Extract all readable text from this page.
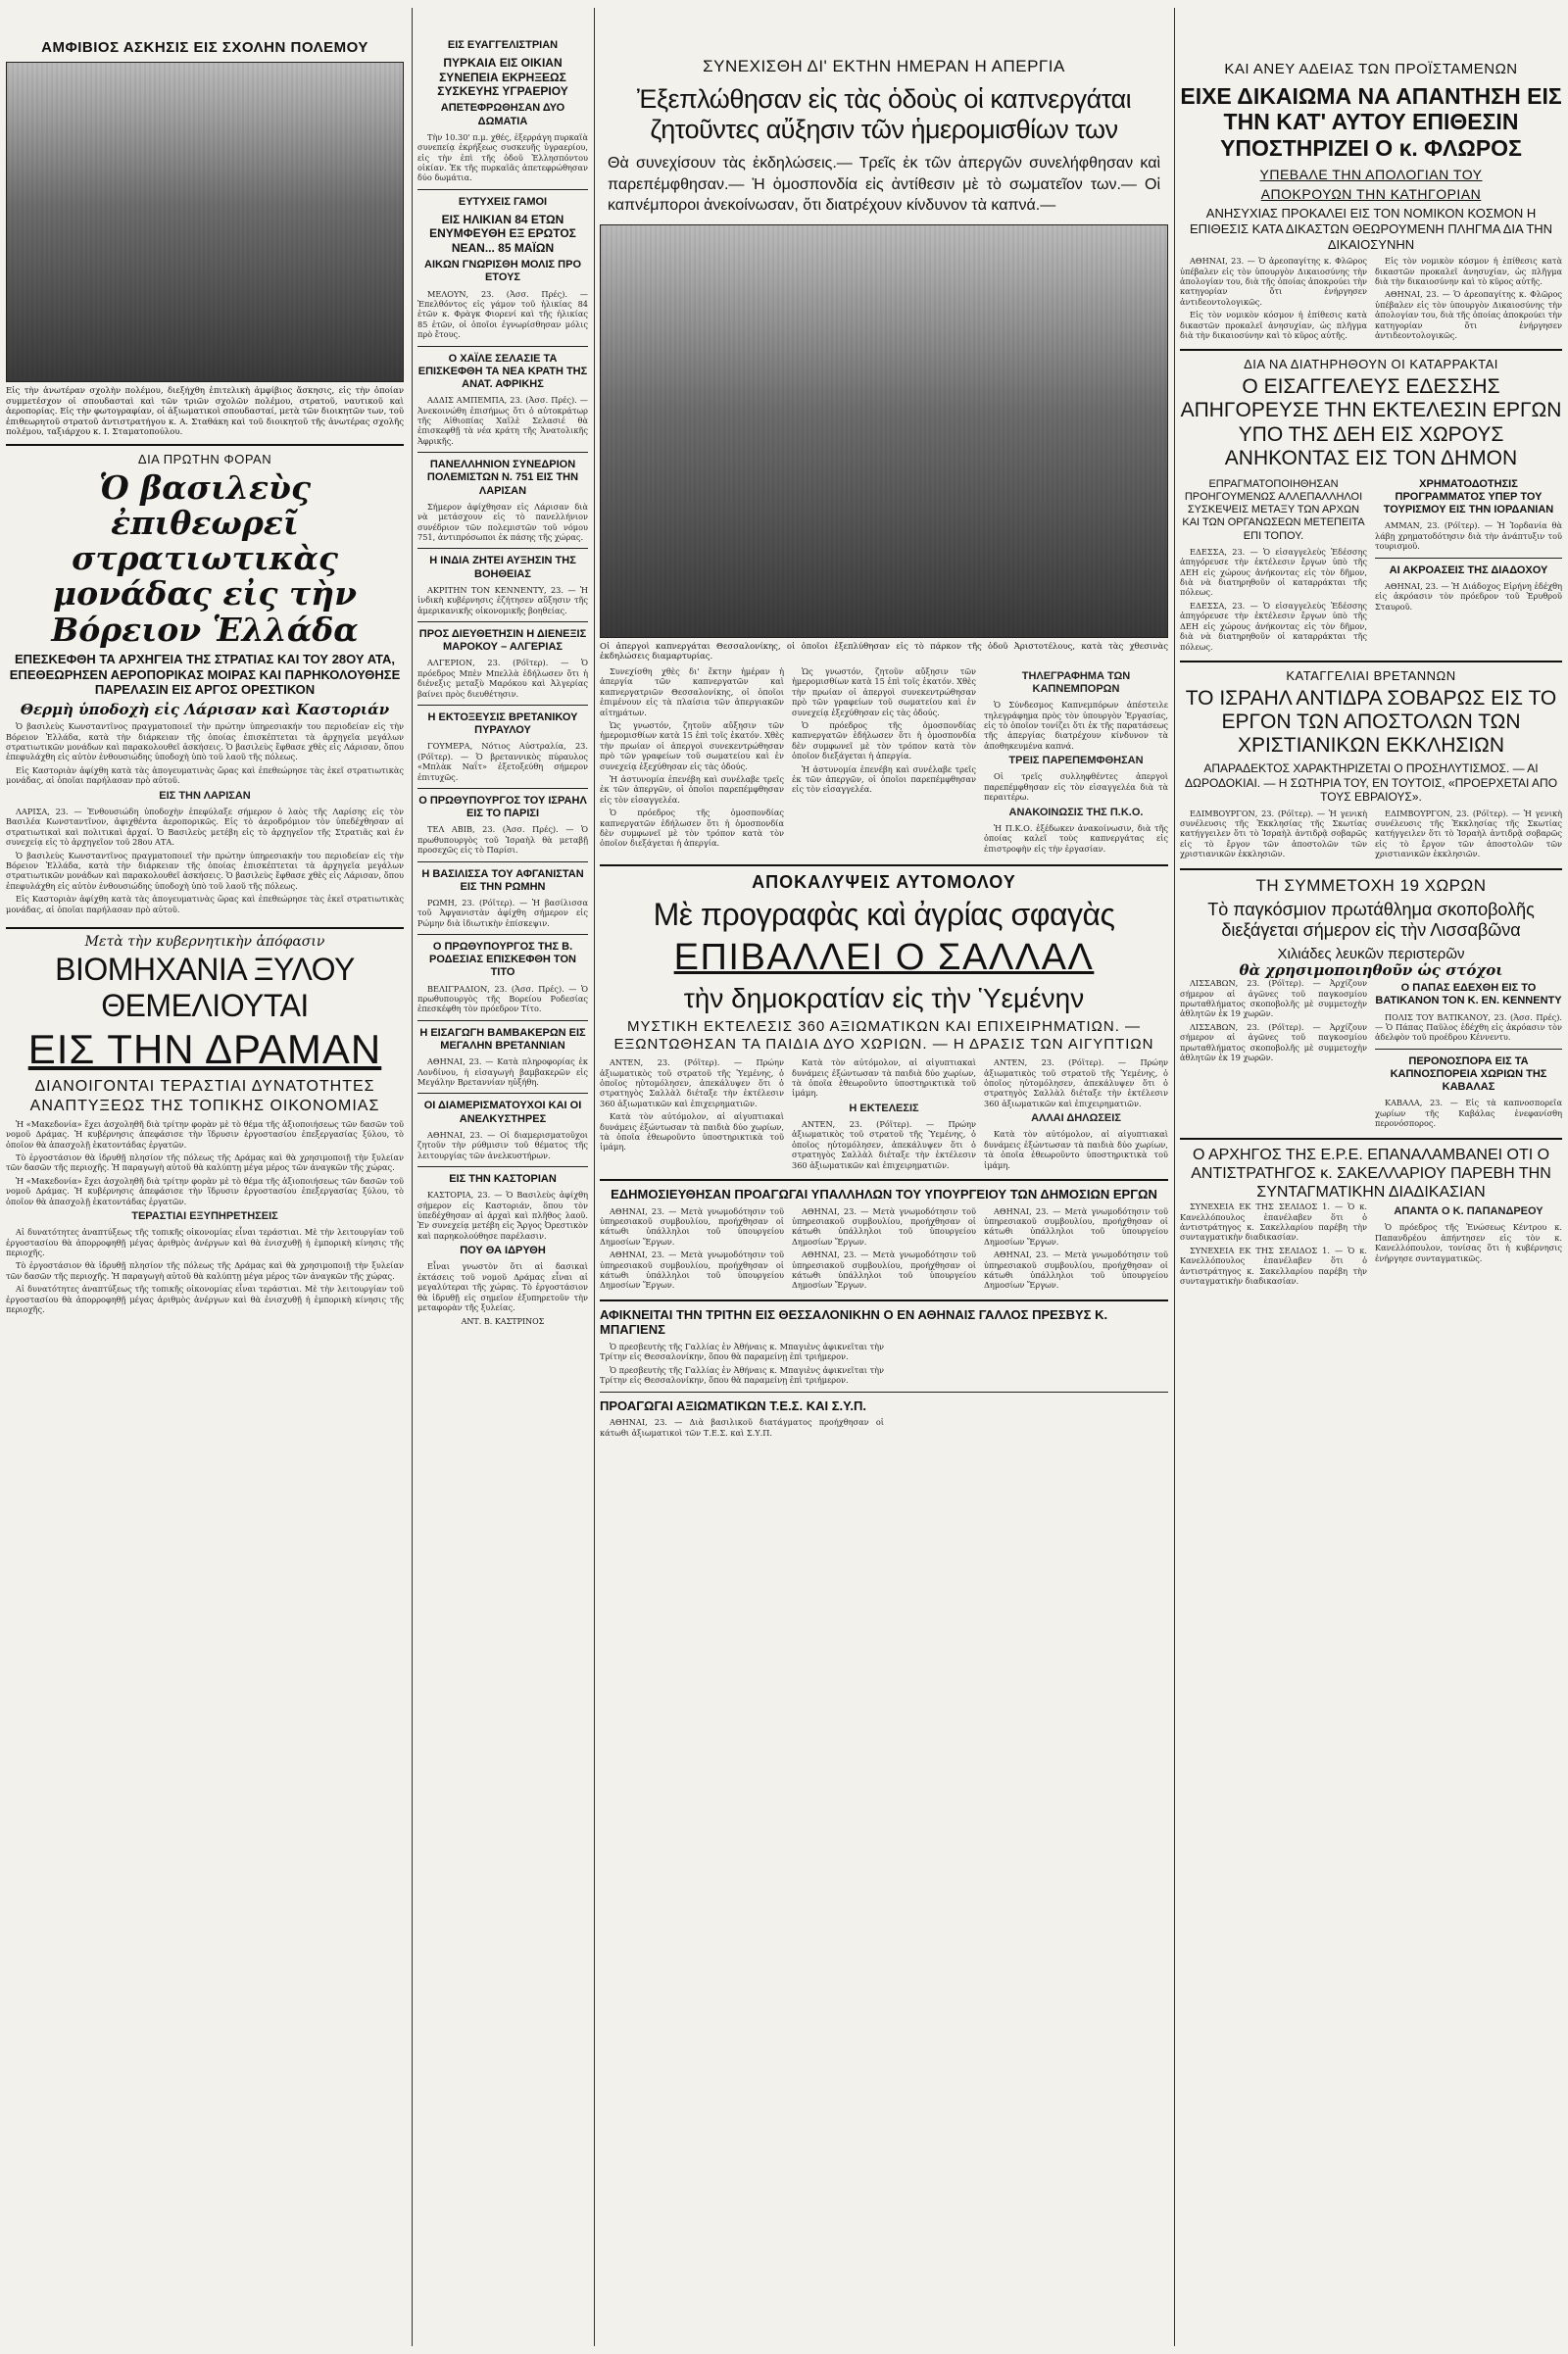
ΑΜΦΙΒΙΟΣ ΑΣΚΗΣΙΣ ΕΙΣ ΣΧΟΛΗΝ ΠΟΛΕΜΟΥ
Εἰς τὴν ἀνωτέραν σχολὴν πολέμου, διεξήχθη ἐπιτελικὴ ἀμφίβιος ἄσκησις, εἰς τὴν ὁποίαν συμμετέσχον οἱ σπουδασταὶ καὶ τῶν τριῶν σχολῶν πολέμου, στρατοῦ, ναυτικοῦ καὶ ἀεροπορίας. Εἰς τὴν φωτογραφίαν, οἱ ἀξιωματικοὶ σπουδασταί, μετὰ τῶν διοικητῶν των, τοῦ ἐπιθεωρητοῦ στρατοῦ ἀντιστρατήγου κ. Α. Σταθάκη καὶ τοῦ διοικητοῦ τῆς ἀνωτέρας σχολῆς πολέμου, ταξιάρχου κ. Ι. Σταματοπούλου.
ΔΙΑ ΠΡΩΤΗΝ ΦΟΡΑΝ
Ὁ βασιλεὺς ἐπιθεωρεῖ στρατιωτικὰς μονάδας εἰς τὴν Βόρειον Ἑλλάδα
ΕΠΕΣΚΕΦΘΗ ΤΑ ΑΡΧΗΓΕΙΑ ΤΗΣ ΣΤΡΑΤΙΑΣ ΚΑΙ ΤΟΥ 28ΟΥ ΑΤΑ, ΕΠΕΘΕΩΡΗΣΕΝ ΑΕΡΟΠΟΡΙΚΑΣ ΜΟΙΡΑΣ ΚΑΙ ΠΑΡΗΚΟΛΟΥΘΗΣΕ ΠΑΡΕΛΑΣΙΝ ΕΙΣ ΑΡΓΟΣ ΟΡΕΣΤΙΚΟΝ
Θερμὴ ὑποδοχὴ εἰς Λάρισαν καὶ Καστοριάν

Ὁ βασιλεὺς Κωνσταντῖνος πραγματοποιεῖ τὴν πρώτην ὑπηρεσιακήν του περιοδείαν εἰς τὴν Βόρειον Ἑλλάδα, κατὰ τὴν διάρκειαν τῆς ὁποίας ἐπισκέπτεται τὰ ἀρχηγεῖα μεγάλων στρατιωτικῶν μονάδων καὶ παρακολουθεῖ ἀσκήσεις. Ὁ βασιλεὺς ἔφθασε χθὲς εἰς Λάρισαν, ὅπου ἐπεφυλάχθη εἰς αὐτὸν ἐνθουσιώδης ὑποδοχὴ ὑπὸ τοῦ λαοῦ τῆς πόλεως.

Εἰς Καστοριὰν ἀφίχθη κατὰ τὰς ἀπογευματινὰς ὥρας καὶ ἐπεθεώρησε τὰς ἐκεῖ στρατιωτικὰς μονάδας, αἱ ὁποῖαι παρήλασαν πρὸ αὐτοῦ.

ΕΙΣ ΤΗΝ ΛΑΡΙΣΑΝ

ΛΑΡΙΣΑ, 23. — Ἐνθουσιώδη ὑποδοχὴν ἐπεφύλαξε σήμερον ὁ λαὸς τῆς Λαρίσης εἰς τὸν Βασιλέα Κωνσταντῖνον, ἀφιχθέντα ἀεροπορικῶς. Εἰς τὸ ἀεροδρόμιον τὸν ὑπεδέχθησαν αἱ στρατιωτικαὶ καὶ πολιτικαὶ ἀρχαί. Ὁ Βασιλεὺς μετέβη εἰς τὸ ἀρχηγεῖον τῆς Στρατιᾶς καὶ ἐν συνεχείᾳ εἰς τὸ ἀρχηγεῖον τοῦ 28ου ΑΤΑ.

Ὁ βασιλεὺς Κωνσταντῖνος πραγματοποιεῖ τὴν πρώτην ὑπηρεσιακήν του περιοδείαν εἰς τὴν Βόρειον Ἑλλάδα, κατὰ τὴν διάρκειαν τῆς ὁποίας ἐπισκέπτεται τὰ ἀρχηγεῖα μεγάλων στρατιωτικῶν μονάδων καὶ παρακολουθεῖ ἀσκήσεις. Ὁ βασιλεὺς ἔφθασε χθὲς εἰς Λάρισαν, ὅπου ἐπεφυλάχθη εἰς αὐτὸν ἐνθουσιώδης ὑποδοχὴ ὑπὸ τοῦ λαοῦ τῆς πόλεως.

Εἰς Καστοριὰν ἀφίχθη κατὰ τὰς ἀπογευματινὰς ὥρας καὶ ἐπεθεώρησε τὰς ἐκεῖ στρατιωτικὰς μονάδας, αἱ ὁποῖαι παρήλασαν πρὸ αὐτοῦ.

Μετὰ τὴν κυβερνητικὴν ἀπόφασιν
ΒΙΟΜΗΧΑΝΙΑ ΞΥΛΟΥ ΘΕΜΕΛΙΟΥΤΑΙ
ΕΙΣ ΤΗΝ ΔΡΑΜΑΝ
ΔΙΑΝΟΙΓΟΝΤΑΙ ΤΕΡΑΣΤΙΑΙ ΔΥΝΑΤΟΤΗΤΕΣ ΑΝΑΠΤΥΞΕΩΣ ΤΗΣ ΤΟΠΙΚΗΣ ΟΙΚΟΝΟΜΙΑΣ

Ἡ «Μακεδονία» ἔχει ἀσχοληθῆ διὰ τρίτην φορὰν μὲ τὸ θέμα τῆς ἀξιοποιήσεως τῶν δασῶν τοῦ νομοῦ Δράμας. Ἡ κυβέρνησις ἀπεφάσισε τὴν ἵδρυσιν ἐργοστασίου ἐπεξεργασίας ξύλου, τὸ ὁποῖον θὰ ἀπασχολῇ ἑκατοντάδας ἐργατῶν.

Τὸ ἐργοστάσιον θὰ ἱδρυθῇ πλησίον τῆς πόλεως τῆς Δράμας καὶ θὰ χρησιμοποιῇ τὴν ξυλείαν τῶν δασῶν τῆς περιοχῆς. Ἡ παραγωγὴ αὐτοῦ θὰ καλύπτῃ μέγα μέρος τῶν ἀναγκῶν τῆς χώρας.

Ἡ «Μακεδονία» ἔχει ἀσχοληθῆ διὰ τρίτην φορὰν μὲ τὸ θέμα τῆς ἀξιοποιήσεως τῶν δασῶν τοῦ νομοῦ Δράμας. Ἡ κυβέρνησις ἀπεφάσισε τὴν ἵδρυσιν ἐργοστασίου ἐπεξεργασίας ξύλου, τὸ ὁποῖον θὰ ἀπασχολῇ ἑκατοντάδας ἐργατῶν.

ΤΕΡΑΣΤΙΑΙ ΕΞΥΠΗΡΕΤΗΣΕΙΣ

Αἱ δυνατότητες ἀναπτύξεως τῆς τοπικῆς οἰκονομίας εἶναι τεράστιαι. Μὲ τὴν λειτουργίαν τοῦ ἐργοστασίου θὰ ἀπορροφηθῇ μέγας ἀριθμὸς ἀνέργων καὶ θὰ ἐνισχυθῇ ἡ ἐμπορικὴ κίνησις τῆς περιοχῆς.

Τὸ ἐργοστάσιον θὰ ἱδρυθῇ πλησίον τῆς πόλεως τῆς Δράμας καὶ θὰ χρησιμοποιῇ τὴν ξυλείαν τῶν δασῶν τῆς περιοχῆς. Ἡ παραγωγὴ αὐτοῦ θὰ καλύπτῃ μέγα μέρος τῶν ἀναγκῶν τῆς χώρας.

Αἱ δυνατότητες ἀναπτύξεως τῆς τοπικῆς οἰκονομίας εἶναι τεράστιαι. Μὲ τὴν λειτουργίαν τοῦ ἐργοστασίου θὰ ἀπορροφηθῇ μέγας ἀριθμὸς ἀνέργων καὶ θὰ ἐνισχυθῇ ἡ ἐμπορικὴ κίνησις τῆς περιοχῆς.

ΕΙΣ ΕΥΑΓΓΕΛΙΣΤΡΙΑΝ
ΠΥΡΚΑΙΑ ΕΙΣ ΟΙΚΙΑΝ ΣΥΝΕΠΕΙΑ ΕΚΡΗΞΕΩΣ ΣΥΣΚΕΥΗΣ ΥΓΡΑΕΡΙΟΥ
ΑΠΕΤΕΦΡΩΘΗΣΑΝ ΔΥΟ ΔΩΜΑΤΙΑ

Τὴν 10.30' π.μ. χθές, ἐξερράγη πυρκαϊὰ συνεπείᾳ ἐκρήξεως συσκευῆς ὑγραερίου, εἰς τὴν ἐπὶ τῆς ὁδοῦ Ἑλλησπόντου οἰκίαν. Ἐκ τῆς πυρκαϊᾶς ἀπετεφρώθησαν δύο δωμάτια.

ΕΥΤΥΧΕΙΣ ΓΑΜΟΙ
ΕΙΣ ΗΛΙΚΙΑΝ 84 ΕΤΩΝ ΕΝΥΜΦΕΥΘΗ ΕΞ ΕΡΩΤΟΣ ΝΕΑΝ... 85 ΜΑΪΩΝ
ΑΙΚΩΝ ΓΝΩΡΙΣΘΗ ΜΟΛΙΣ ΠΡΟ ΕΤΟΥΣ

ΜΕΛΟΥΝ, 23. (Ἀσσ. Πρές). — Ἐπελθόντος εἰς γάμον τοῦ ἠλικίας 84 ἐτῶν κ. Φρὰγκ Φιορενί καὶ τῆς ἡλικίας 85 ἐτῶν, οἱ ὁποῖοι ἐγνωρίσθησαν μόλις πρὸ ἔτους.

Ο ΧΑΪΛΕ ΣΕΛΑΣΙΕ ΤΑ ΕΠΙΣΚΕΦΘΗ ΤΑ ΝΕΑ ΚΡΑΤΗ ΤΗΣ ΑΝΑΤ. ΑΦΡΙΚΗΣ

ΑΔΔΙΣ ΑΜΠΕΜΠΑ, 23. (Ἀσσ. Πρές). — Ἀνεκοινώθη ἐπισήμως ὅτι ὁ αὐτοκράτωρ τῆς Αἰθιοπίας Χαϊλὲ Σελασιέ θὰ ἐπισκεφθῇ τὰ νέα κράτη τῆς Ἀνατολικῆς Ἀφρικῆς.

ΠΑΝΕΛΛΗΝΙΟΝ ΣΥΝΕΔΡΙΟΝ ΠΟΛΕΜΙΣΤΩΝ Ν. 751 ΕΙΣ ΤΗΝ ΛΑΡΙΣΑΝ

Σήμερον ἀφίχθησαν εἰς Λάρισαν διὰ νὰ μετάσχουν εἰς τὸ πανελλήνιον συνέδριον τῶν πολεμιστῶν τοῦ νόμου 751, ἀντιπρόσωποι ἐκ πάσης τῆς χώρας.

Η ΙΝΔΙΑ ΖΗΤΕΙ ΑΥΞΗΣΙΝ ΤΗΣ ΒΟΗΘΕΙΑΣ

ΑΚΡΙΤΗΝ ΤΟΝ ΚΕΝΝΕΝΤΥ, 23. — Ἡ ἰνδικὴ κυβέρνησις ἐζήτησεν αὔξησιν τῆς ἀμερικανικῆς οἰκονομικῆς βοηθείας.

ΠΡΟΣ ΔΙΕΥΘΕΤΗΣΙΝ Η ΔΙΕΝΕΞΙΣ ΜΑΡΟΚΟΥ – ΑΛΓΕΡΙΑΣ

ΑΛΓΕΡΙΟΝ, 23. (Ρόϊτερ). — Ὁ πρόεδρος Μπὲν Μπελλὰ ἐδήλωσεν ὅτι ἡ διένεξις μεταξὺ Μαρόκου καὶ Ἀλγερίας βαίνει πρὸς διευθέτησιν.

Η ΕΚΤΟΞΕΥΣΙΣ ΒΡΕΤΑΝΙΚΟΥ ΠΥΡΑΥΛΟΥ

ΓΟΥΜΕΡΑ, Νότιος Αὐστραλία, 23. (Ρόϊτερ). — Ὁ βρεταννικὸς πύραυλος «Μπλὰκ Ναΐτ» ἐξετοξεύθη σήμερον ἐπιτυχῶς.

Ο ΠΡΩΘΥΠΟΥΡΓΟΣ ΤΟΥ ΙΣΡΑΗΛ ΕΙΣ ΤΟ ΠΑΡΙΣΙ

ΤΕΛ ΑΒΙΒ, 23. (Ἀσσ. Πρές). — Ὁ πρωθυπουργὸς τοῦ Ἰσραὴλ θὰ μεταβῇ προσεχῶς εἰς τὸ Παρίσι.

Η ΒΑΣΙΛΙΣΣΑ ΤΟΥ ΑΦΓΑΝΙΣΤΑΝ ΕΙΣ ΤΗΝ ΡΩΜΗΝ

ΡΩΜΗ, 23. (Ρόϊτερ). — Ἡ βασίλισσα τοῦ Ἀφγανιστὰν ἀφίχθη σήμερον εἰς Ρώμην διὰ ἰδιωτικὴν ἐπίσκεψιν.

Ο ΠΡΩΘΥΠΟΥΡΓΟΣ ΤΗΣ Β. ΡΟΔΕΣΙΑΣ ΕΠΙΣΚΕΦΘΗ ΤΟΝ ΤΙΤΟ

ΒΕΛΙΓΡΑΔΙΟΝ, 23. (Ἀσσ. Πρές). — Ὁ πρωθυπουργὸς τῆς Βορείου Ροδεσίας ἐπεσκέφθη τὸν πρόεδρον Τίτο.

Η ΕΙΣΑΓΩΓΗ ΒΑΜΒΑΚΕΡΩΝ ΕΙΣ ΜΕΓΑΛΗΝ ΒΡΕΤΑΝΝΙΑΝ

ΑΘΗΝΑΙ, 23. — Κατὰ πληροφορίας ἐκ Λονδίνου, ἡ εἰσαγωγὴ βαμβακερῶν εἰς Μεγάλην Βρεταννίαν ηὐξήθη.

ΟΙ ΔΙΑΜΕΡΙΣΜΑΤΟΥΧΟΙ ΚΑΙ ΟΙ ΑΝΕΛΚΥΣΤΗΡΕΣ

ΑΘΗΝΑΙ, 23. — Οἱ διαμερισματοῦχοι ζητοῦν τὴν ρύθμισιν τοῦ θέματος τῆς λειτουργίας τῶν ἀνελκυστήρων.

ΕΙΣ ΤΗΝ ΚΑΣΤΟΡΙΑΝ

ΚΑΣΤΟΡΙΑ, 23. — Ὁ Βασιλεὺς ἀφίχθη σήμερον εἰς Καστοριάν, ὅπου τὸν ὑπεδέχθησαν αἱ ἀρχαὶ καὶ πλῆθος λαοῦ. Ἐν συνεχείᾳ μετέβη εἰς Ἄργος Ὀρεστικὸν καὶ παρηκολούθησε παρέλασιν.

ΠΟΥ ΘΑ ΙΔΡΥΘΗ

Εἶναι γνωστὸν ὅτι αἱ δασικαὶ ἐκτάσεις τοῦ νομοῦ Δράμας εἶναι αἱ μεγαλύτεραι τῆς χώρας. Τὸ ἐργοστάσιον θὰ ἱδρυθῇ εἰς σημεῖον ἐξυπηρετοῦν τὴν μεταφορὰν τῆς ξυλείας.

ΑΝΤ. Β. ΚΑΣΤΡΙΝΟΣ
ΣΥΝΕΧΙΣΘΗ ΔΙ' ΕΚΤΗΝ ΗΜΕΡΑΝ Η ΑΠΕΡΓΙΑ
Ἐξεπλώθησαν εἰς τὰς ὁδοὺς οἱ καπνεργάται ζητοῦντες αὔξησιν τῶν ἡμερομισθίων των
Θὰ συνεχίσουν τὰς ἐκδηλώσεις.— Τρεῖς ἐκ τῶν ἀπεργῶν συνελήφθησαν καὶ παρεπέμφθησαν.— Ἡ ὁμοσπονδία εἰς ἀντίθεσιν μὲ τὸ σωματεῖον των.— Οἱ καπνέμποροι ἀνεκοίνωσαν, ὅτι διατρέχουν κίνδυνον τὰ καπνά.—
Οἱ ἀπεργοὶ καπνεργάται Θεσσαλονίκης, οἱ ὁποῖοι ἐξεπλύθησαν εἰς τὸ πάρκον τῆς ὁδοῦ Ἀριστοτέλους, κατὰ τὰς χθεσινὰς ἐκδηλώσεις διαμαρτυρίας.

Συνεχίσθη χθὲς δι' ἕκτην ἡμέραν ἡ ἀπεργία τῶν καπνεργατῶν καὶ καπνεργατριῶν Θεσσαλονίκης, οἱ ὁποῖοι ἐπιμένουν εἰς τὰ πλαίσια τῶν ἀπεργιακῶν αἰτημάτων.

Ὡς γνωστόν, ζητοῦν αὔξησιν τῶν ἡμερομισθίων κατὰ 15 ἐπὶ τοῖς ἑκατόν. Χθὲς τὴν πρωίαν οἱ ἀπεργοὶ συνεκεντρώθησαν πρὸ τῶν γραφείων τοῦ σωματείου καὶ ἐν συνεχείᾳ ἐξεχύθησαν εἰς τὰς ὁδούς.

Ἡ ἀστυνομία ἐπενέβη καὶ συνέλαβε τρεῖς ἐκ τῶν ἀπεργῶν, οἱ ὁποῖοι παρεπέμφθησαν εἰς τὸν εἰσαγγελέα.

Ὁ πρόεδρος τῆς ὁμοσπονδίας καπνεργατῶν ἐδήλωσεν ὅτι ἡ ὁμοσπονδία δὲν συμφωνεῖ μὲ τὸν τρόπον κατὰ τὸν ὁποῖον διεξάγεται ἡ ἀπεργία.

Ὡς γνωστόν, ζητοῦν αὔξησιν τῶν ἡμερομισθίων κατὰ 15 ἐπὶ τοῖς ἑκατόν. Χθὲς τὴν πρωίαν οἱ ἀπεργοὶ συνεκεντρώθησαν πρὸ τῶν γραφείων τοῦ σωματείου καὶ ἐν συνεχείᾳ ἐξεχύθησαν εἰς τὰς ὁδούς.

Ὁ πρόεδρος τῆς ὁμοσπονδίας καπνεργατῶν ἐδήλωσεν ὅτι ἡ ὁμοσπονδία δὲν συμφωνεῖ μὲ τὸν τρόπον κατὰ τὸν ὁποῖον διεξάγεται ἡ ἀπεργία.

Ἡ ἀστυνομία ἐπενέβη καὶ συνέλαβε τρεῖς ἐκ τῶν ἀπεργῶν, οἱ ὁποῖοι παρεπέμφθησαν εἰς τὸν εἰσαγγελέα.

ΤΗΛΕΓΡΑΦΗΜΑ ΤΩΝ ΚΑΠΝΕΜΠΟΡΩΝ

Ὁ Σύνδεσμος Καπνεμπόρων ἀπέστειλε τηλεγράφημα πρὸς τὸν ὑπουργὸν Ἐργασίας, εἰς τὸ ὁποῖον τονίζει ὅτι ἐκ τῆς παρατάσεως τῆς ἀπεργίας διατρέχουν κίνδυνον τὰ ἀποθηκευμένα καπνά.

ΤΡΕΙΣ ΠΑΡΕΠΕΜΦΘΗΣΑΝ

Οἱ τρεῖς συλληφθέντες ἀπεργοὶ παρεπέμφθησαν εἰς τὸν εἰσαγγελέα διὰ τὰ περαιτέρω.

ΑΝΑΚΟΙΝΩΣΙΣ ΤΗΣ Π.Κ.Ο.

Ἡ Π.Κ.Ο. ἐξέδωκεν ἀνακοίνωσιν, διὰ τῆς ὁποίας καλεῖ τοὺς καπνεργάτας εἰς ἐπιστροφὴν εἰς τὴν ἐργασίαν.

ΑΠΟΚΑΛΥΨΕΙΣ ΑΥΤΟΜΟΛΟΥ
Μὲ προγραφὰς καὶ ἀγρίας σφαγὰς
ΕΠΙΒΑΛΛΕΙ Ο ΣΑΛΛΑΛ
τὴν δημοκρατίαν εἰς τὴν Ὑεμένην
ΜΥΣΤΙΚΗ ΕΚΤΕΛΕΣΙΣ 360 ΑΞΙΩΜΑΤΙΚΩΝ ΚΑΙ ΕΠΙΧΕΙΡΗΜΑΤΙΩΝ. — ΕΞΩΝΤΩΘΗΣΑΝ ΤΑ ΠΑΙΔΙΑ ΔΥΟ ΧΩΡΙΩΝ. — Η ΔΡΑΣΙΣ ΤΩΝ ΑΙΓΥΠΤΙΩΝ

ΑΝΤΕΝ, 23. (Ρόϊτερ). — Πρώην ἀξιωματικὸς τοῦ στρατοῦ τῆς Ὑεμένης, ὁ ὁποῖος ηὐτομόλησεν, ἀπεκάλυψεν ὅτι ὁ στρατηγὸς Σαλλὰλ διέταξε τὴν ἐκτέλεσιν 360 ἀξιωματικῶν καὶ ἐπιχειρηματιῶν.

Κατὰ τὸν αὐτόμολον, αἱ αἰγυπτιακαὶ δυνάμεις ἐξώντωσαν τὰ παιδιὰ δύο χωρίων, τὰ ὁποῖα ἐθεωροῦντο ὑποστηρικτικὰ τοῦ ἰμάμη.

Κατὰ τὸν αὐτόμολον, αἱ αἰγυπτιακαὶ δυνάμεις ἐξώντωσαν τὰ παιδιὰ δύο χωρίων, τὰ ὁποῖα ἐθεωροῦντο ὑποστηρικτικὰ τοῦ ἰμάμη.

Η ΕΚΤΕΛΕΣΙΣ

ΑΝΤΕΝ, 23. (Ρόϊτερ). — Πρώην ἀξιωματικὸς τοῦ στρατοῦ τῆς Ὑεμένης, ὁ ὁποῖος ηὐτομόλησεν, ἀπεκάλυψεν ὅτι ὁ στρατηγὸς Σαλλὰλ διέταξε τὴν ἐκτέλεσιν 360 ἀξιωματικῶν καὶ ἐπιχειρηματιῶν.

ΑΝΤΕΝ, 23. (Ρόϊτερ). — Πρώην ἀξιωματικὸς τοῦ στρατοῦ τῆς Ὑεμένης, ὁ ὁποῖος ηὐτομόλησεν, ἀπεκάλυψεν ὅτι ὁ στρατηγὸς Σαλλὰλ διέταξε τὴν ἐκτέλεσιν 360 ἀξιωματικῶν καὶ ἐπιχειρηματιῶν.

ΑΛΛΑΙ ΔΗΛΩΣΕΙΣ

Κατὰ τὸν αὐτόμολον, αἱ αἰγυπτιακαὶ δυνάμεις ἐξώντωσαν τὰ παιδιὰ δύο χωρίων, τὰ ὁποῖα ἐθεωροῦντο ὑποστηρικτικὰ τοῦ ἰμάμη.

ΕΔΗΜΟΣΙΕΥΘΗΣΑΝ ΠΡΟΑΓΩΓΑΙ ΥΠΑΛΛΗΛΩΝ ΤΟΥ ΥΠΟΥΡΓΕΙΟΥ ΤΩΝ ΔΗΜΟΣΙΩΝ ΕΡΓΩΝ

ΑΘΗΝΑΙ, 23. — Μετὰ γνωμοδότησιν τοῦ ὑπηρεσιακοῦ συμβουλίου, προήχθησαν οἱ κάτωθι ὑπάλληλοι τοῦ ὑπουργείου Δημοσίων Ἔργων.

ΑΘΗΝΑΙ, 23. — Μετὰ γνωμοδότησιν τοῦ ὑπηρεσιακοῦ συμβουλίου, προήχθησαν οἱ κάτωθι ὑπάλληλοι τοῦ ὑπουργείου Δημοσίων Ἔργων.

ΑΘΗΝΑΙ, 23. — Μετὰ γνωμοδότησιν τοῦ ὑπηρεσιακοῦ συμβουλίου, προήχθησαν οἱ κάτωθι ὑπάλληλοι τοῦ ὑπουργείου Δημοσίων Ἔργων.

ΑΘΗΝΑΙ, 23. — Μετὰ γνωμοδότησιν τοῦ ὑπηρεσιακοῦ συμβουλίου, προήχθησαν οἱ κάτωθι ὑπάλληλοι τοῦ ὑπουργείου Δημοσίων Ἔργων.

ΑΘΗΝΑΙ, 23. — Μετὰ γνωμοδότησιν τοῦ ὑπηρεσιακοῦ συμβουλίου, προήχθησαν οἱ κάτωθι ὑπάλληλοι τοῦ ὑπουργείου Δημοσίων Ἔργων.

ΑΘΗΝΑΙ, 23. — Μετὰ γνωμοδότησιν τοῦ ὑπηρεσιακοῦ συμβουλίου, προήχθησαν οἱ κάτωθι ὑπάλληλοι τοῦ ὑπουργείου Δημοσίων Ἔργων.

ΑΦΙΚΝΕΙΤΑΙ ΤΗΝ ΤΡΙΤΗΝ ΕΙΣ ΘΕΣΣΑΛΟΝΙΚΗΝ Ο ΕΝ ΑΘΗΝΑΙΣ ΓΑΛΛΟΣ ΠΡΕΣΒΥΣ Κ. ΜΠΑΓΙΕΝΣ

Ὁ πρεσβευτὴς τῆς Γαλλίας ἐν Ἀθήναις κ. Μπαγιὲνς ἀφικνεῖται τὴν Τρίτην εἰς Θεσσαλονίκην, ὅπου θὰ παραμείνῃ ἐπὶ τριήμερον.

Ὁ πρεσβευτὴς τῆς Γαλλίας ἐν Ἀθήναις κ. Μπαγιὲνς ἀφικνεῖται τὴν Τρίτην εἰς Θεσσαλονίκην, ὅπου θὰ παραμείνῃ ἐπὶ τριήμερον.

ΠΡΟΑΓΩΓΑΙ ΑΞΙΩΜΑΤΙΚΩΝ Τ.Ε.Σ. ΚΑΙ Σ.Υ.Π.

ΑΘΗΝΑΙ, 23. — Διὰ βασιλικοῦ διατάγματος προήχθησαν οἱ κάτωθι ἀξιωματικοὶ τῶν Τ.Ε.Σ. καὶ Σ.Υ.Π.

ΚΑΙ ΑΝΕΥ ΑΔΕΙΑΣ ΤΩΝ ΠΡΟΪΣΤΑΜΕΝΩΝ
ΕΙΧΕ ΔΙΚΑΙΩΜΑ ΝΑ ΑΠΑΝΤΗΣΗ ΕΙΣ ΤΗΝ ΚΑΤ' ΑΥΤΟΥ ΕΠΙΘΕΣΙΝ ΥΠΟΣΤΗΡΙΖΕΙ Ο κ. ΦΛΩΡΟΣ
ΥΠΕΒΑΛΕ ΤΗΝ ΑΠΟΛΟΓΙΑΝ ΤΟΥ
ΑΠΟΚΡΟΥΩΝ ΤΗΝ ΚΑΤΗΓΟΡΙΑΝ
ΑΝΗΣΥΧΙΑΣ ΠΡΟΚΑΛΕΙ ΕΙΣ ΤΟΝ ΝΟΜΙΚΟΝ ΚΟΣΜΟΝ Η ΕΠΙΘΕΣΙΣ ΚΑΤΑ ΔΙΚΑΣΤΩΝ ΘΕΩΡΟΥΜΕΝΗ ΠΛΗΓΜΑ ΔΙΑ ΤΗΝ ΔΙΚΑΙΟΣΥΝΗΝ

ΑΘΗΝΑΙ, 23. — Ὁ ἀρεοπαγίτης κ. Φλῶρος ὑπέβαλεν εἰς τὸν ὑπουργὸν Δικαιοσύνης τὴν ἀπολογίαν του, διὰ τῆς ὁποίας ἀποκρούει τὴν κατηγορίαν ὅτι ἐνήργησεν ἀντιδεοντολογικῶς.

Εἰς τὸν νομικὸν κόσμον ἡ ἐπίθεσις κατὰ δικαστῶν προκαλεῖ ἀνησυχίαν, ὡς πλῆγμα διὰ τὴν δικαιοσύνην καὶ τὸ κῦρος αὐτῆς.

Εἰς τὸν νομικὸν κόσμον ἡ ἐπίθεσις κατὰ δικαστῶν προκαλεῖ ἀνησυχίαν, ὡς πλῆγμα διὰ τὴν δικαιοσύνην καὶ τὸ κῦρος αὐτῆς.

ΑΘΗΝΑΙ, 23. — Ὁ ἀρεοπαγίτης κ. Φλῶρος ὑπέβαλεν εἰς τὸν ὑπουργὸν Δικαιοσύνης τὴν ἀπολογίαν του, διὰ τῆς ὁποίας ἀποκρούει τὴν κατηγορίαν ὅτι ἐνήργησεν ἀντιδεοντολογικῶς.

ΔΙΑ ΝΑ ΔΙΑΤΗΡΗΘΟΥΝ ΟΙ ΚΑΤΑΡΡΑΚΤΑΙ
Ο ΕΙΣΑΓΓΕΛΕΥΣ ΕΔΕΣΣΗΣ ΑΠΗΓΟΡΕΥΣΕ ΤΗΝ ΕΚΤΕΛΕΣΙΝ ΕΡΓΩΝ ΥΠΟ ΤΗΣ ΔΕΗ ΕΙΣ ΧΩΡΟΥΣ ΑΝΗΚΟΝΤΑΣ ΕΙΣ ΤΟΝ ΔΗΜΟΝ
ΕΠΡΑΓΜΑΤΟΠΟΙΗΘΗΣΑΝ ΠΡΟΗΓΟΥΜΕΝΩΣ ΑΛΛΕΠΑΛΛΗΛΟΙ ΣΥΣΚΕΨΕΙΣ ΜΕΤΑΞΥ ΤΩΝ ΑΡΧΩΝ ΚΑΙ ΤΩΝ ΟΡΓΑΝΩΣΕΩΝ ΜΕΤΕΠΕΙΤΑ ΕΠΙ ΤΟΠΟΥ.

ΕΔΕΣΣΑ, 23. — Ὁ εἰσαγγελεὺς Ἐδέσσης ἀπηγόρευσε τὴν ἐκτέλεσιν ἔργων ὑπὸ τῆς ΔΕΗ εἰς χώρους ἀνήκοντας εἰς τὸν δῆμον, διὰ νὰ διατηρηθοῦν οἱ καταρράκται τῆς πόλεως.

ΕΔΕΣΣΑ, 23. — Ὁ εἰσαγγελεὺς Ἐδέσσης ἀπηγόρευσε τὴν ἐκτέλεσιν ἔργων ὑπὸ τῆς ΔΕΗ εἰς χώρους ἀνήκοντας εἰς τὸν δῆμον, διὰ νὰ διατηρηθοῦν οἱ καταρράκται τῆς πόλεως.

ΧΡΗΜΑΤΟΔΟΤΗΣΙΣ ΠΡΟΓΡΑΜΜΑΤΟΣ ΥΠΕΡ ΤΟΥ ΤΟΥΡΙΣΜΟΥ ΕΙΣ ΤΗΝ ΙΟΡΔΑΝΙΑΝ

ΑΜΜΑΝ, 23. (Ρόϊτερ). — Ἡ Ἰορδανία θὰ λάβῃ χρηματοδότησιν διὰ τὴν ἀνάπτυξιν τοῦ τουρισμοῦ.

ΑΙ ΑΚΡΟΑΣΕΙΣ ΤΗΣ ΔΙΑΔΟΧΟΥ

ΑΘΗΝΑΙ, 23. — Ἡ Διάδοχος Εἰρήνη ἐδέχθη εἰς ἀκρόασιν τὸν πρόεδρον τοῦ Ἐρυθροῦ Σταυροῦ.

ΚΑΤΑΓΓΕΛΙΑΙ ΒΡΕΤΑΝΝΩΝ
ΤΟ ΙΣΡΑΗΛ ΑΝΤΙΔΡΑ ΣΟΒΑΡΩΣ ΕΙΣ ΤΟ ΕΡΓΟΝ ΤΩΝ ΑΠΟΣΤΟΛΩΝ ΤΩΝ ΧΡΙΣΤΙΑΝΙΚΩΝ ΕΚΚΛΗΣΙΩΝ
ΑΠΑΡΑΔΕΚΤΟΣ ΧΑΡΑΚΤΗΡΙΖΕΤΑΙ Ο ΠΡΟΣΗΛΥΤΙΣΜΟΣ. — ΑΙ ΔΩΡΟΔΟΚΙΑΙ. — Η ΣΩΤΗΡΙΑ ΤΟΥ, ΕΝ ΤΟΥΤΟΙΣ, «ΠΡΟΕΡΧΕΤΑΙ ΑΠΟ ΤΟΥΣ ΕΒΡΑΙΟΥΣ».

ΕΔΙΜΒΟΥΡΓΟΝ, 23. (Ρόϊτερ). — Ἡ γενικὴ συνέλευσις τῆς Ἐκκλησίας τῆς Σκωτίας κατήγγειλεν ὅτι τὸ Ἰσραὴλ ἀντιδρᾷ σοβαρῶς εἰς τὸ ἔργον τῶν ἀποστολῶν τῶν χριστιανικῶν ἐκκλησιῶν.

ΕΔΙΜΒΟΥΡΓΟΝ, 23. (Ρόϊτερ). — Ἡ γενικὴ συνέλευσις τῆς Ἐκκλησίας τῆς Σκωτίας κατήγγειλεν ὅτι τὸ Ἰσραὴλ ἀντιδρᾷ σοβαρῶς εἰς τὸ ἔργον τῶν ἀποστολῶν τῶν χριστιανικῶν ἐκκλησιῶν.

ΤΗ ΣΥΜΜΕΤΟΧΗ 19 ΧΩΡΩΝ
Τὸ παγκόσμιον πρωτάθλημα σκοποβολῆς διεξάγεται σήμερον εἰς τὴν Λισσαβῶνα
Χιλιάδες λευκῶν περιστερῶν
θὰ χρησιμοποιηθοῦν ὡς στόχοι

ΛΙΣΣΑΒΩΝ, 23. (Ρόϊτερ). — Ἀρχίζουν σήμερον αἱ ἀγῶνες τοῦ παγκοσμίου πρωταθλήματος σκοποβολῆς μὲ συμμετοχὴν ἀθλητῶν ἐκ 19 χωρῶν.

ΛΙΣΣΑΒΩΝ, 23. (Ρόϊτερ). — Ἀρχίζουν σήμερον αἱ ἀγῶνες τοῦ παγκοσμίου πρωταθλήματος σκοποβολῆς μὲ συμμετοχὴν ἀθλητῶν ἐκ 19 χωρῶν.

Ο ΠΑΠΑΣ ΕΔΕΧΘΗ ΕΙΣ ΤΟ ΒΑΤΙΚΑΝΟΝ ΤΟΝ Κ. ΕΝ. ΚΕΝΝΕΝΤΥ

ΠΟΛΙΣ ΤΟΥ ΒΑΤΙΚΑΝΟΥ, 23. (Ἀσσ. Πρές). — Ὁ Πάπας Παῦλος ἐδέχθη εἰς ἀκρόασιν τὸν ἀδελφὸν τοῦ προέδρου Κέννεντυ.

ΠΕΡΟΝΟΣΠΟΡΑ ΕΙΣ ΤΑ ΚΑΠΝΟΣΠΟΡΕΙΑ ΧΩΡΙΩΝ ΤΗΣ ΚΑΒΑΛΑΣ

ΚΑΒΑΛΑ, 23. — Εἰς τὰ καπνοσπορεῖα χωρίων τῆς Καβάλας ἐνεφανίσθη περονόσπορος.

Ο ΑΡΧΗΓΟΣ ΤΗΣ Ε.Ρ.Ε. ΕΠΑΝΑΛΑΜΒΑΝΕΙ ΟΤΙ Ο ΑΝΤΙΣΤΡΑΤΗΓΟΣ κ. ΣΑΚΕΛΛΑΡΙΟΥ ΠΑΡΕΒΗ ΤΗΝ ΣΥΝΤΑΓΜΑΤΙΚΗΝ ΔΙΑΔΙΚΑΣΙΑΝ

ΣΥΝΕΧΕΙΑ ΕΚ ΤΗΣ ΣΕΛΙΔΟΣ 1. — Ὁ κ. Κανελλόπουλος ἐπανέλαβεν ὅτι ὁ ἀντιστράτηγος κ. Σακελλαρίου παρέβη τὴν συνταγματικὴν διαδικασίαν.

ΣΥΝΕΧΕΙΑ ΕΚ ΤΗΣ ΣΕΛΙΔΟΣ 1. — Ὁ κ. Κανελλόπουλος ἐπανέλαβεν ὅτι ὁ ἀντιστράτηγος κ. Σακελλαρίου παρέβη τὴν συνταγματικὴν διαδικασίαν.

ΑΠΑΝΤΑ Ο Κ. ΠΑΠΑΝΔΡΕΟΥ

Ὁ πρόεδρος τῆς Ἑνώσεως Κέντρου κ. Παπανδρέου ἀπήντησεν εἰς τὸν κ. Κανελλόπουλον, τονίσας ὅτι ἡ κυβέρνησις ἐνήργησε συνταγματικῶς.
